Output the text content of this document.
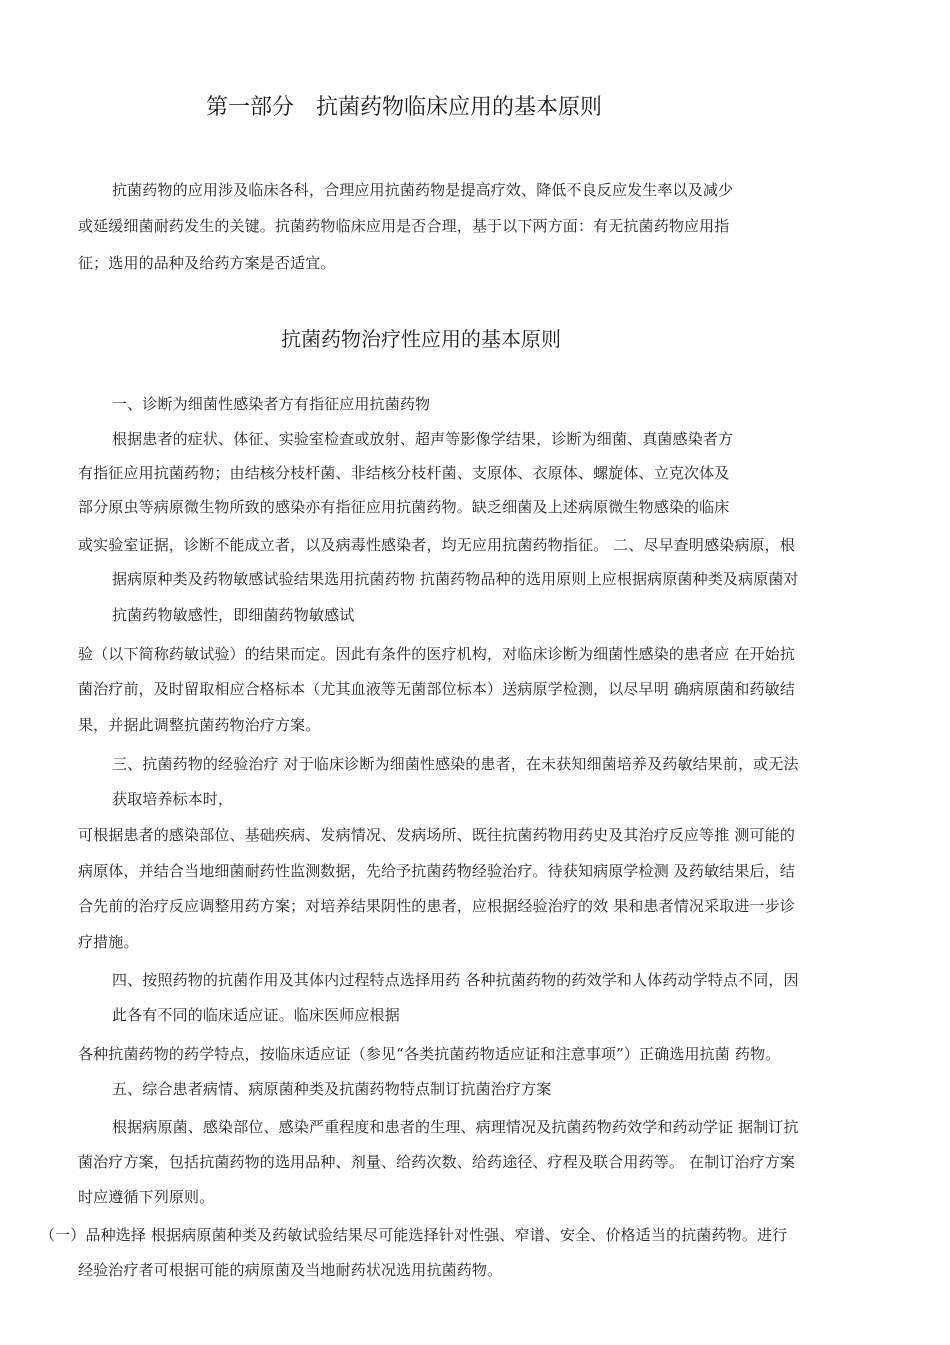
第一部分　抗菌药物临床应用的基本原则

抗菌药物的应用涉及临床各科，合理应用抗菌药物是提高疗效、降低不良反应发生率以及减少

或延缓细菌耐药发生的关键。抗菌药物临床应用是否合理，基于以下两方面：有无抗菌药物应用指

征；选用的品种及给药方案是否适宜。

抗菌药物治疗性应用的基本原则

一、诊断为细菌性感染者方有指征应用抗菌药物

根据患者的症状、体征、实验室检查或放射、超声等影像学结果，诊断为细菌、真菌感染者方

有指征应用抗菌药物；由结核分枝杆菌、非结核分枝杆菌、支原体、衣原体、螺旋体、立克次体及

部分原虫等病原微生物所致的感染亦有指征应用抗菌药物。缺乏细菌及上述病原微生物感染的临床

或实验室证据，诊断不能成立者，以及病毒性感染者，均无应用抗菌药物指征。 二、尽早查明感染病原，根

据病原种类及药物敏感试验结果选用抗菌药物 抗菌药物品种的选用原则上应根据病原菌种类及病原菌对

抗菌药物敏感性，即细菌药物敏感试

验（以下简称药敏试验）的结果而定。因此有条件的医疗机构，对临床诊断为细菌性感染的患者应 在开始抗

菌治疗前，及时留取相应合格标本（尤其血液等无菌部位标本）送病原学检测，以尽早明 确病原菌和药敏结

果，并据此调整抗菌药物治疗方案。

三、抗菌药物的经验治疗 对于临床诊断为细菌性感染的患者，在未获知细菌培养及药敏结果前，或无法

获取培养标本时，

可根据患者的感染部位、基础疾病、发病情况、发病场所、既往抗菌药物用药史及其治疗反应等推 测可能的

病原体，并结合当地细菌耐药性监测数据，先给予抗菌药物经验治疗。待获知病原学检测 及药敏结果后，结

合先前的治疗反应调整用药方案；对培养结果阴性的患者，应根据经验治疗的效 果和患者情况采取进一步诊

疗措施。

四、按照药物的抗菌作用及其体内过程特点选择用药 各种抗菌药物的药效学和人体药动学特点不同，因

此各有不同的临床适应证。临床医师应根据

各种抗菌药物的药学特点，按临床适应证（参见“各类抗菌药物适应证和注意事项”）正确选用抗菌 药物。

五、综合患者病情、病原菌种类及抗菌药物特点制订抗菌治疗方案

根据病原菌、感染部位、感染严重程度和患者的生理、病理情况及抗菌药物药效学和药动学证 据制订抗

菌治疗方案，包括抗菌药物的选用品种、剂量、给药次数、给药途径、疗程及联合用药等。 在制订治疗方案

时应遵循下列原则。

（一）品种选择 根据病原菌种类及药敏试验结果尽可能选择针对性强、窄谱、安全、价格适当的抗菌药物。进行

经验治疗者可根据可能的病原菌及当地耐药状况选用抗菌药物。
